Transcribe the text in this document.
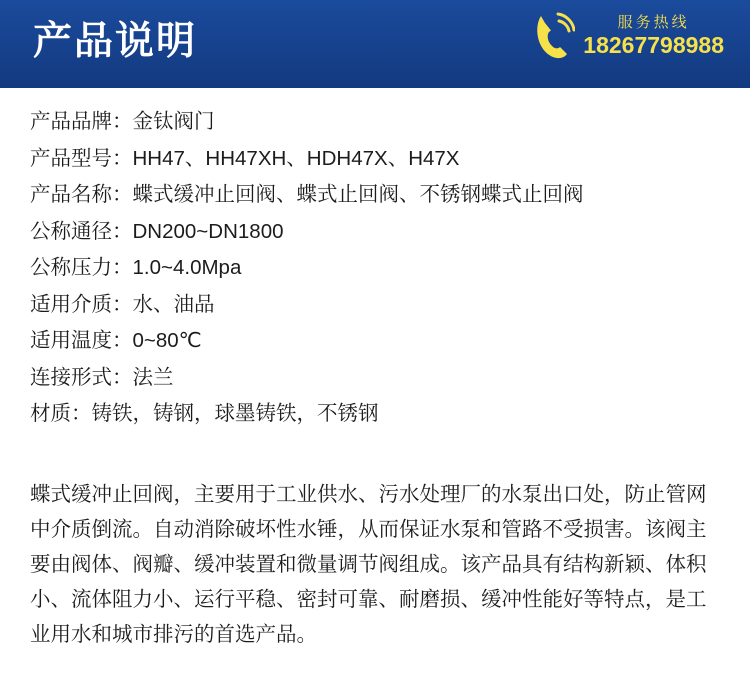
产品说明	服务热线
18267798988
产品品牌：金钛阀门
产品型号：HH47、HH47XH、HDH47X、H47X
产品名称：蝶式缓冲止回阀、蝶式止回阀、不锈钢蝶式止回阀
公称通径：DN200~DN1800
公称压力：1.0~4.0Mpa
适用介质：水、油品
适用温度：0~80℃
连接形式：法兰
材质：铸铁，铸钢，球墨铸铁，不锈钢
蝶式缓冲止回阀，主要用于工业供水、污水处理厂的水泵出口处，防止管网中介质倒流。自动消除破坏性水锤，从而保证水泵和管路不受损害。该阀主要由阀体、阀瓣、缓冲装置和微量调节阀组成。该产品具有结构新颖、体积小、流体阻力小、运行平稳、密封可靠、耐磨损、缓冲性能好等特点，是工业用水和城市排污的首选产品。
